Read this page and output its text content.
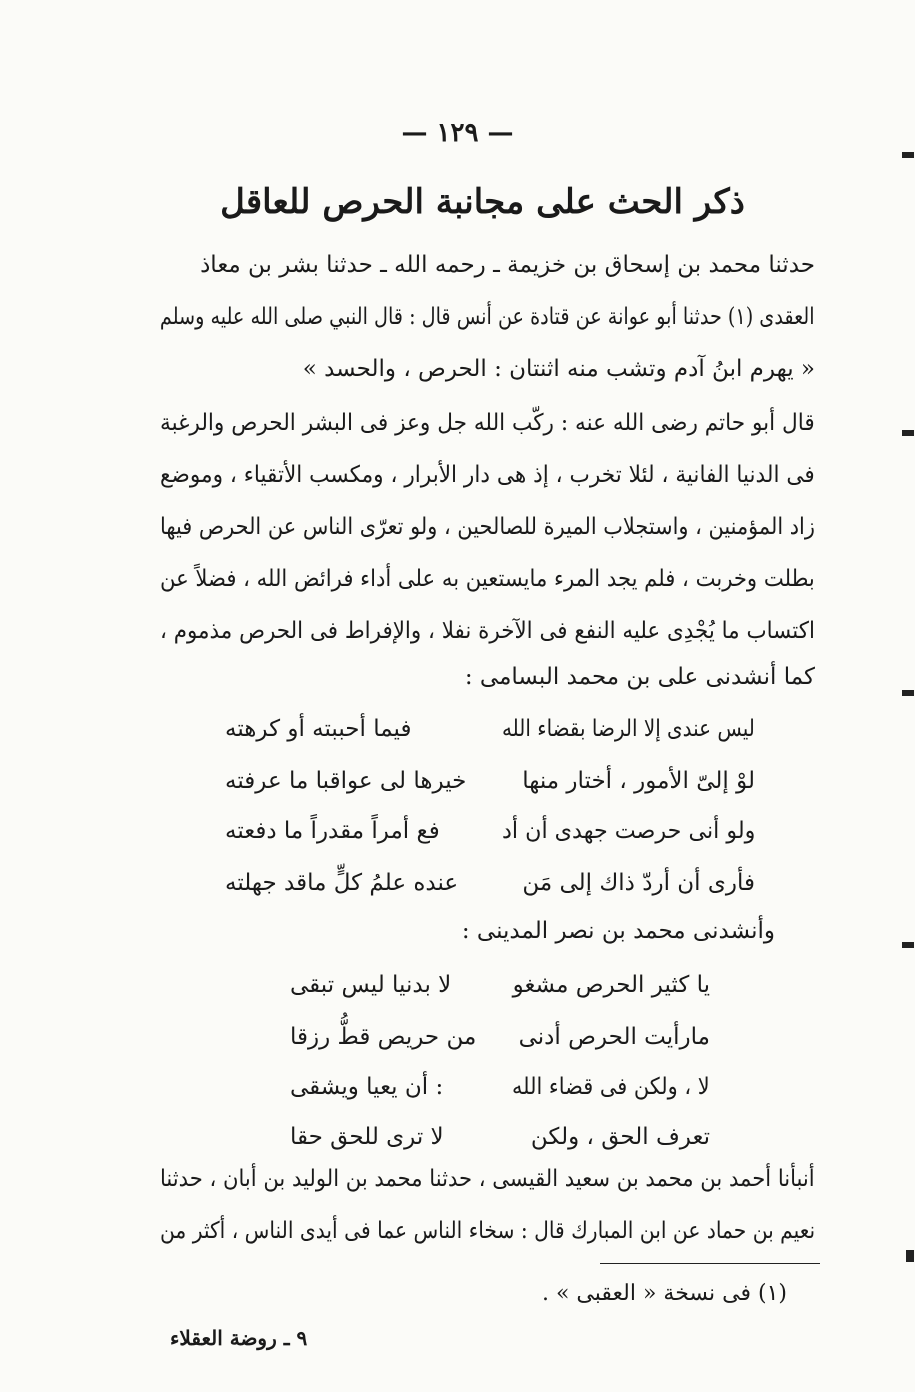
— ١٢٩ —
ذكر الحث على مجانبة الحرص للعاقل
حدثنا محمد بن إسحاق بن خزيمة ـ رحمه الله ـ حدثنا بشر بن معاذ
العقدى (١) حدثنا أبو عوانة عن قتادة عن أنس قال : قال النبي صلى الله عليه وسلم
« يهرم ابنُ آدم وتشب منه اثنتان : الحرص ، والحسد »
قال أبو حاتم رضى الله عنه : ركّب الله جل وعز فى البشر الحرص والرغبة
فى الدنيا الفانية ، لئلا تخرب ، إذ هى دار الأبرار ، ومكسب الأتقياء ، وموضع
زاد المؤمنين ، واستجلاب الميرة للصالحين ، ولو تعرّى الناس عن الحرص فيها
بطلت وخربت ، فلم يجد المرء مايستعين به على أداء فرائض الله ، فضلاً عن
اكتساب ما يُجْدِى عليه النفع فى الآخرة نفلا ، والإفراط فى الحرص مذموم ،
كما أنشدنى على بن محمد البسامى :
ليس عندى إلا الرضا بقضاء الله
فيما أحببته أو كرهته
لوْ إلىّ الأمور ، أختار منها
خيرها لى عواقبا ما عرفته
ولو أنى حرصت جهدى أن أد
فع أمراً مقدراً ما دفعته
فأرى أن أردّ ذاك إلى مَن
عنده علمُ كلٍّ ماقد جهلته
وأنشدنى محمد بن نصر المدينى :
يا كثير الحرص مشغو
لا بدنيا ليس تبقى
مارأيت الحرص أدنى
من حريص قطُّ رزقا
لا ، ولكن فى قضاء الله
: أن يعيا ويشقى
تعرف الحق ، ولكن
لا ترى للحق حقا
أنبأنا أحمد بن محمد بن سعيد القيسى ، حدثنا محمد بن الوليد بن أبان ، حدثنا
نعيم بن حماد عن ابن المبارك قال : سخاء الناس عما فى أيدى الناس ، أكثر من
(١) فى نسخة « العقبى » .
٩ ـ روضة العقلاء
